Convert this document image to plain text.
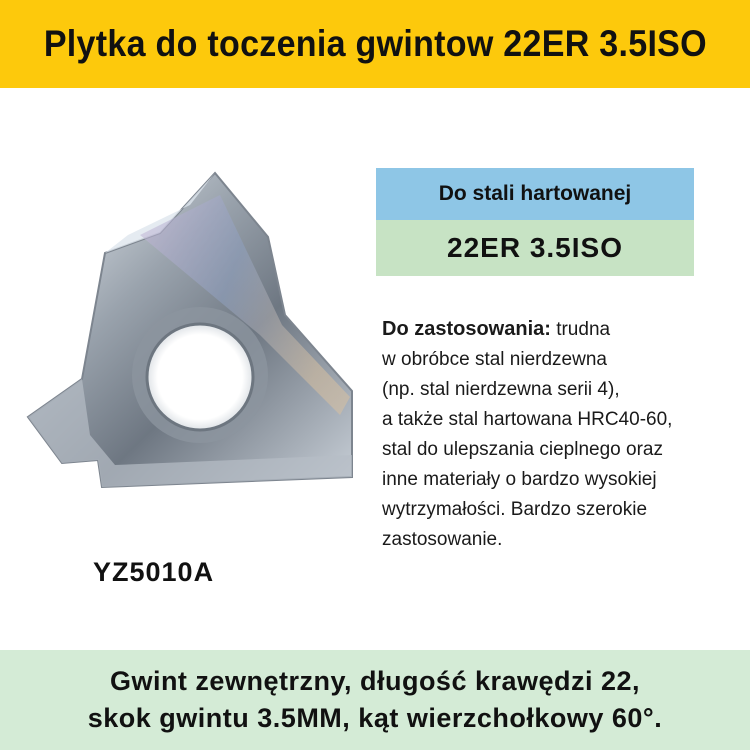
Plytka do toczenia gwintow 22ER 3.5ISO
Do stali hartowanej
22ER 3.5ISO
Do zastosowania: trudna
w obróbce stal nierdzewna
(np. stal nierdzewna serii 4),
a także stal hartowana HRC40-60,
stal do ulepszania cieplnego oraz
inne materiały o bardzo wysokiej
wytrzymałości. Bardzo szerokie
zastosowanie.
YZ5010A
Gwint zewnętrzny, długość krawędzi 22,
skok gwintu 3.5MM, kąt wierzchołkowy 60°.
